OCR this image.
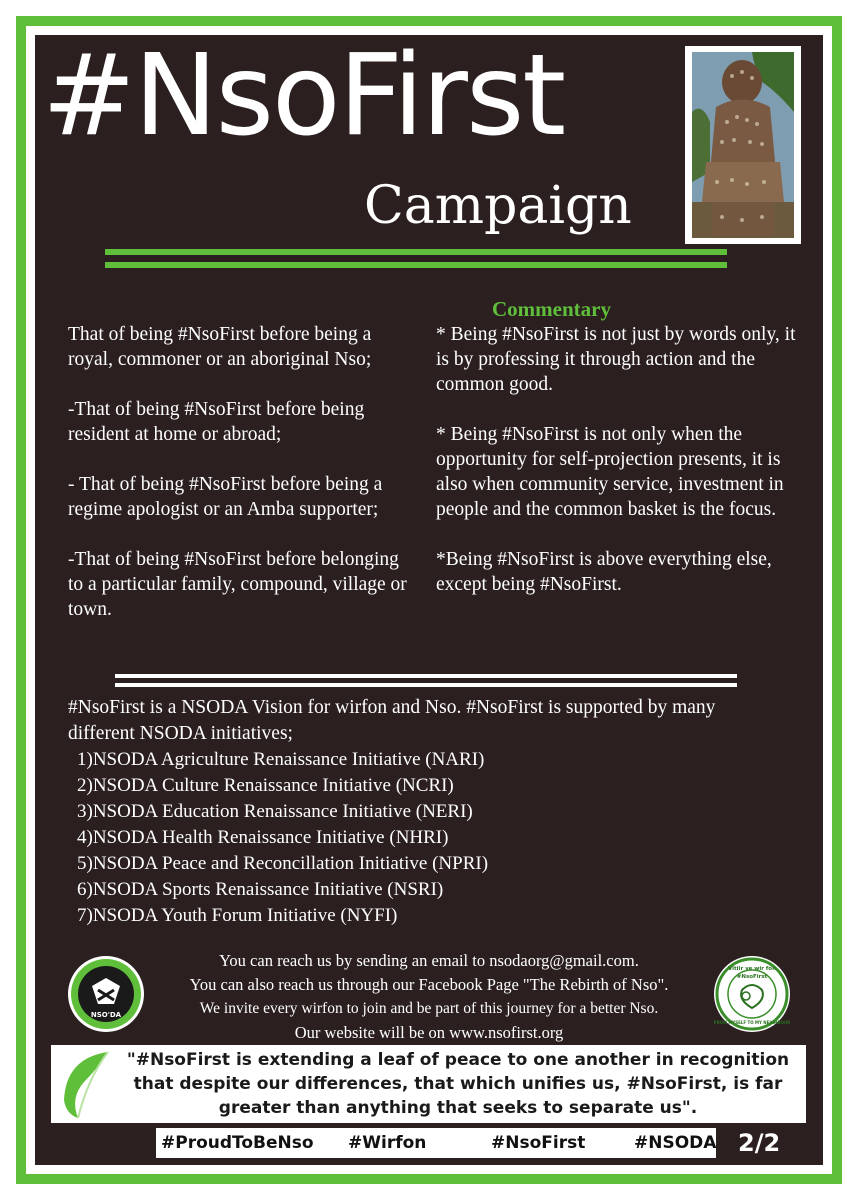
#NsoFirst
Campaign
Commentary

That of being #NsoFirst before being a royal, commoner or an aboriginal Nso;

-That of being #NsoFirst before being resident at home or abroad;

- That of being #NsoFirst before being a regime apologist or an Amba supporter;

-That of being #NsoFirst before belonging to a particular family, compound, village or town.

* Being #NsoFirst is not just by words only, it is by professing it through action and the common good.

* Being #NsoFirst is not only when the opportunity for self-projection presents, it is also when community service, investment in people and the common basket is the focus.

*Being #NsoFirst is above everything else, except being #NsoFirst.

#NsoFirst is a NSODA Vision for wirfon and Nso. #NsoFirst is supported by many different NSODA initiatives;
1)NSODA Agriculture Renaissance Initiative (NARI)
2)NSODA Culture Renaissance Initiative (NCRI)
3)NSODA Education Renaissance Initiative (NERI)
4)NSODA Health Renaissance Initiative (NHRI)
5)NSODA Peace and Reconcillation Initiative (NPRI)
6)NSODA Sports Renaissance Initiative (NSRI)
7)NSODA Youth Forum Initiative (NYFI)
NSO'DA
You can reach us by sending an email to nsodaorg@gmail.com.
You can also reach us through our Facebook Page "The Rebirth of Nso".
We invite every wirfon to join and be part of this journey for a better Nso.
Our website will be on www.nsofirst.org
Vitiir ve wir fon
#NsoFirst
FROM MYSELF TO MY NEIGHBOUR
"#NsoFirst is extending a leaf of peace to one another in recognition that despite our differences, that which unifies us, #NsoFirst, is far greater than anything that seeks to separate us".
#ProudToBeNso #Wirfon	#NsoFirst	#NSODA 2/2
